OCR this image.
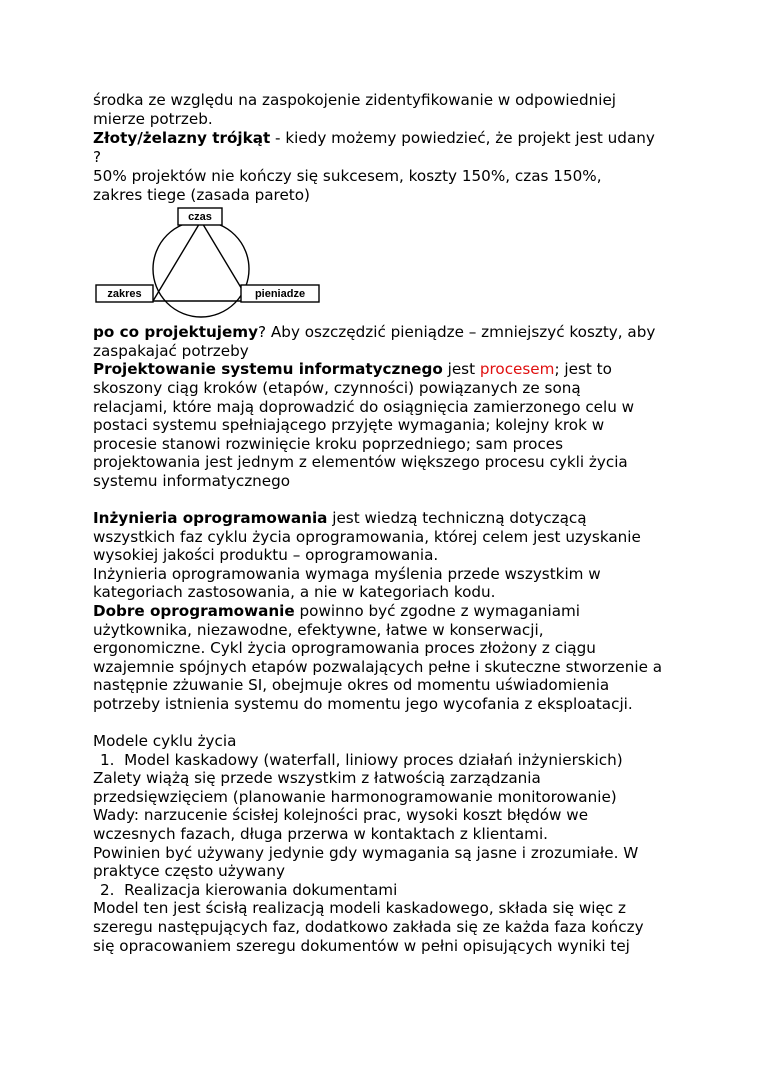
środka ze względu na zaspokojenie zidentyfikowanie w odpowiedniej
mierze potrzeb.
Złoty/żelazny trójkąt - kiedy możemy powiedzieć, że projekt jest udany
?
50% projektów nie kończy się sukcesem, koszty 150%, czas 150%,
zakres tiege (zasada pareto)
czas
zakres	pieniadze
po co projektujemy? Aby oszczędzić pieniądze – zmniejszyć koszty, aby
zaspakajać potrzeby
Projektowanie systemu informatycznego jest procesem; jest to
skoszony ciąg kroków (etapów, czynności) powiązanych ze soną
relacjami, które mają doprowadzić do osiągnięcia zamierzonego celu w
postaci systemu spełniającego przyjęte wymagania; kolejny krok w
procesie stanowi rozwinięcie kroku poprzedniego; sam proces
projektowania jest jednym z elementów większego procesu cykli życia
systemu informatycznego
Inżynieria oprogramowania jest wiedzą techniczną dotyczącą
wszystkich faz cyklu życia oprogramowania, której celem jest uzyskanie
wysokiej jakości produktu – oprogramowania.
Inżynieria oprogramowania wymaga myślenia przede wszystkim w
kategoriach zastosowania, a nie w kategoriach kodu.
Dobre oprogramowanie powinno być zgodne z wymaganiami
użytkownika, niezawodne, efektywne, łatwe w konserwacji,
ergonomiczne. Cykl życia oprogramowania proces złożony z ciągu
wzajemnie spójnych etapów pozwalających pełne i skuteczne stworzenie a
następnie zżuwanie SI, obejmuje okres od momentu uświadomienia
potrzeby istnienia systemu do momentu jego wycofania z eksploatacji.
Modele cyklu życia
1.  Model kaskadowy (waterfall, liniowy proces działań inżynierskich)
Zalety wiążą się przede wszystkim z łatwością zarządzania
przedsięwzięciem (planowanie harmonogramowanie monitorowanie)
Wady: narzucenie ścisłej kolejności prac, wysoki koszt błędów we
wczesnych fazach, długa przerwa w kontaktach z klientami.
Powinien być używany jedynie gdy wymagania są jasne i zrozumiałe. W
praktyce często używany
2.  Realizacja kierowania dokumentami
Model ten jest ścisłą realizacją modeli kaskadowego, składa się więc z
szeregu następujących faz, dodatkowo zakłada się ze każda faza kończy
się opracowaniem szeregu dokumentów w pełni opisujących wyniki tej
